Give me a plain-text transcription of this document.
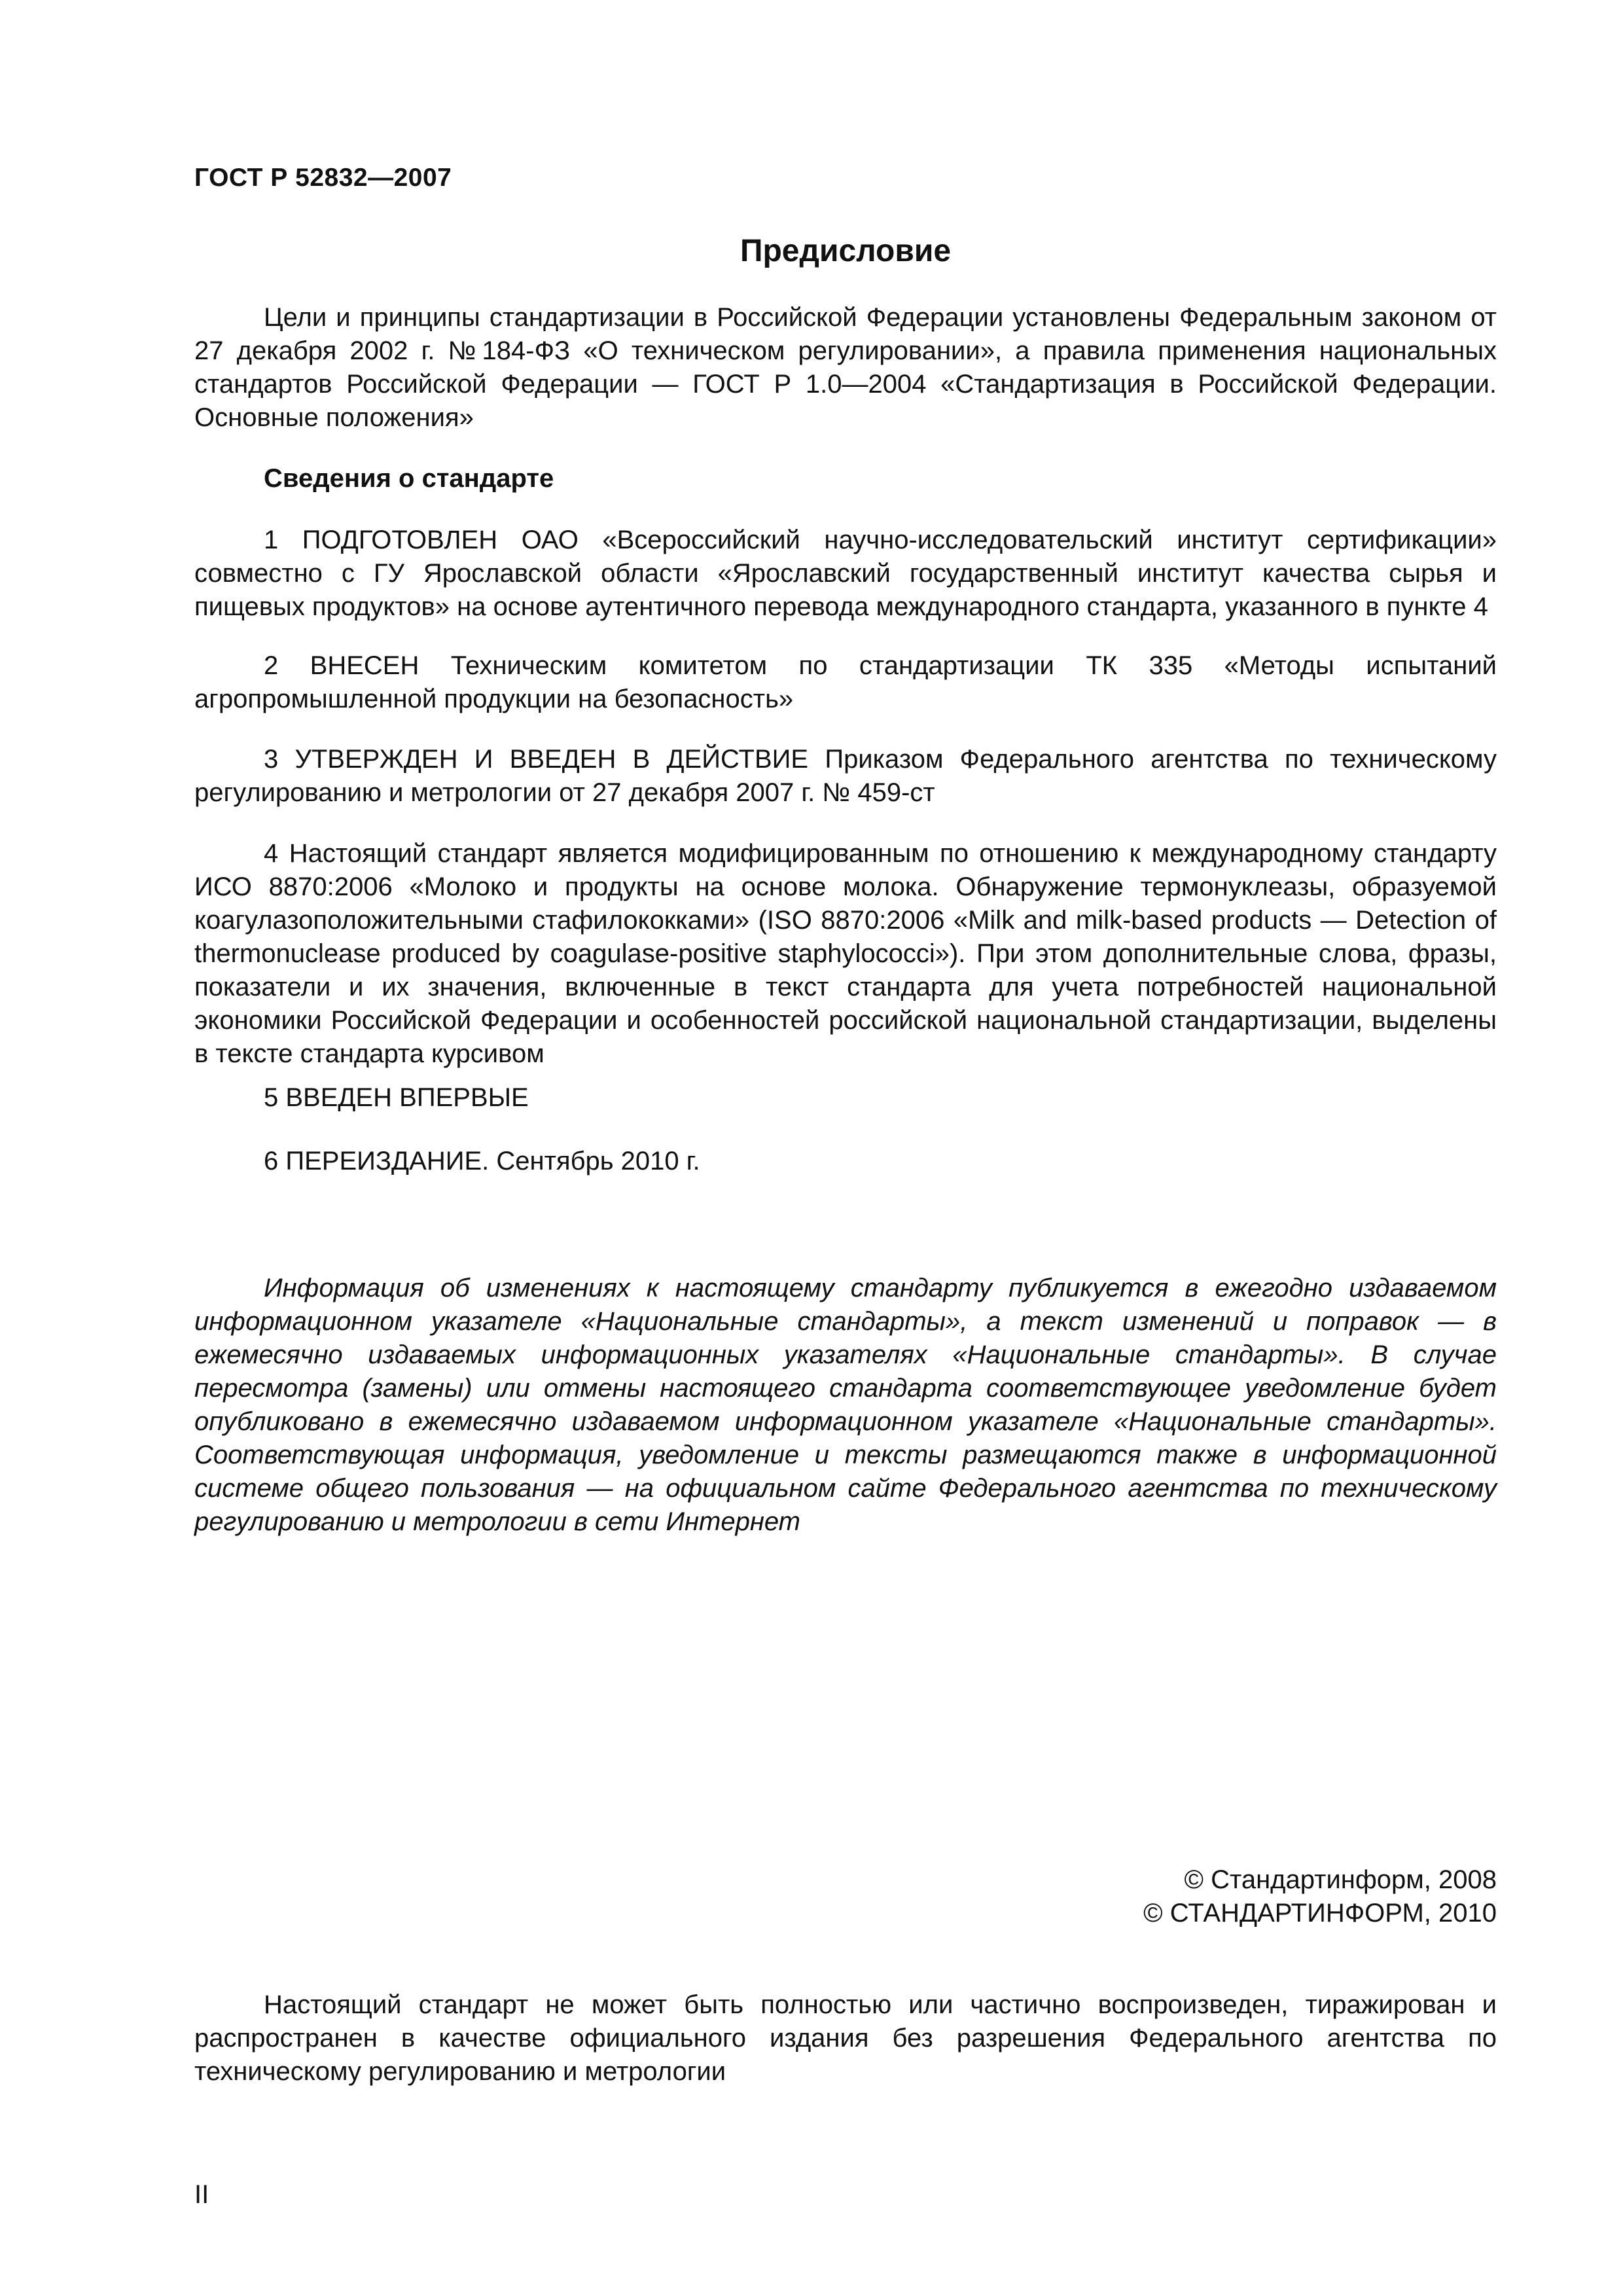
ГОСТ Р 52832—2007
Предисловие

Цели и принципы стандартизации в Российской Федерации установлены Федеральным законом от 27 декабря 2002 г. №184-ФЗ «О техническом регулировании», а правила применения национальных стандартов Российской Федерации — ГОСТ Р 1.0—2004 «Стандартизация в Российской Федерации. Основные положения»

Сведения о стандарте

1 ПОДГОТОВЛЕН ОАО «Всероссийский научно-исследовательский институт сертификации» совместно с ГУ Ярославской области «Ярославский государственный институт качества сырья и пищевых продуктов» на основе аутентичного перевода международного стандарта, указанного в пункте 4

2 ВНЕСЕН Техническим комитетом по стандартизации ТК 335 «Методы испытаний агропромышленной продукции на безопасность»

3 УТВЕРЖДЕН И ВВЕДЕН В ДЕЙСТВИЕ Приказом Федерального агентства по техническому регулированию и метрологии от 27 декабря 2007 г. № 459-ст

4 Настоящий стандарт является модифицированным по отношению к международному стандарту ИСО 8870:2006 «Молоко и продукты на основе молока. Обнаружение термонуклеазы, образуемой коагулазоположительными стафилококками» (ISO 8870:2006 «Milk and milk-based products — Detection of thermonuclease produced by coagulase-positive staphylococci»). При этом дополнительные слова, фразы, показатели и их значения, включенные в текст стандарта для учета потребностей национальной экономики Российской Федерации и особенностей российской национальной стандартизации, выделены в тексте стандарта курсивом

5 ВВЕДЕН ВПЕРВЫЕ
6 ПЕРЕИЗДАНИЕ. Сентябрь 2010 г.

Информация об изменениях к настоящему стандарту публикуется в ежегодно издаваемом информационном указателе «Национальные стандарты», а текст изменений и поправок — в ежемесячно издаваемых информационных указателях «Национальные стандарты». В случае пересмотра (замены) или отмены настоящего стандарта соответствующее уведомление будет опубликовано в ежемесячно издаваемом информационном указателе «Национальные стандарты». Соответствующая информация, уведомление и тексты размещаются также в информационной системе общего пользования — на официальном сайте Федерального агентства по техническому регулированию и метрологии в сети Интернет

© Стандартинформ, 2008
© СТАНДАРТИНФОРМ, 2010

Настоящий стандарт не может быть полностью или частично воспроизведен, тиражирован и распространен в качестве официального издания без разрешения Федерального агентства по техническому регулированию и метрологии

II
